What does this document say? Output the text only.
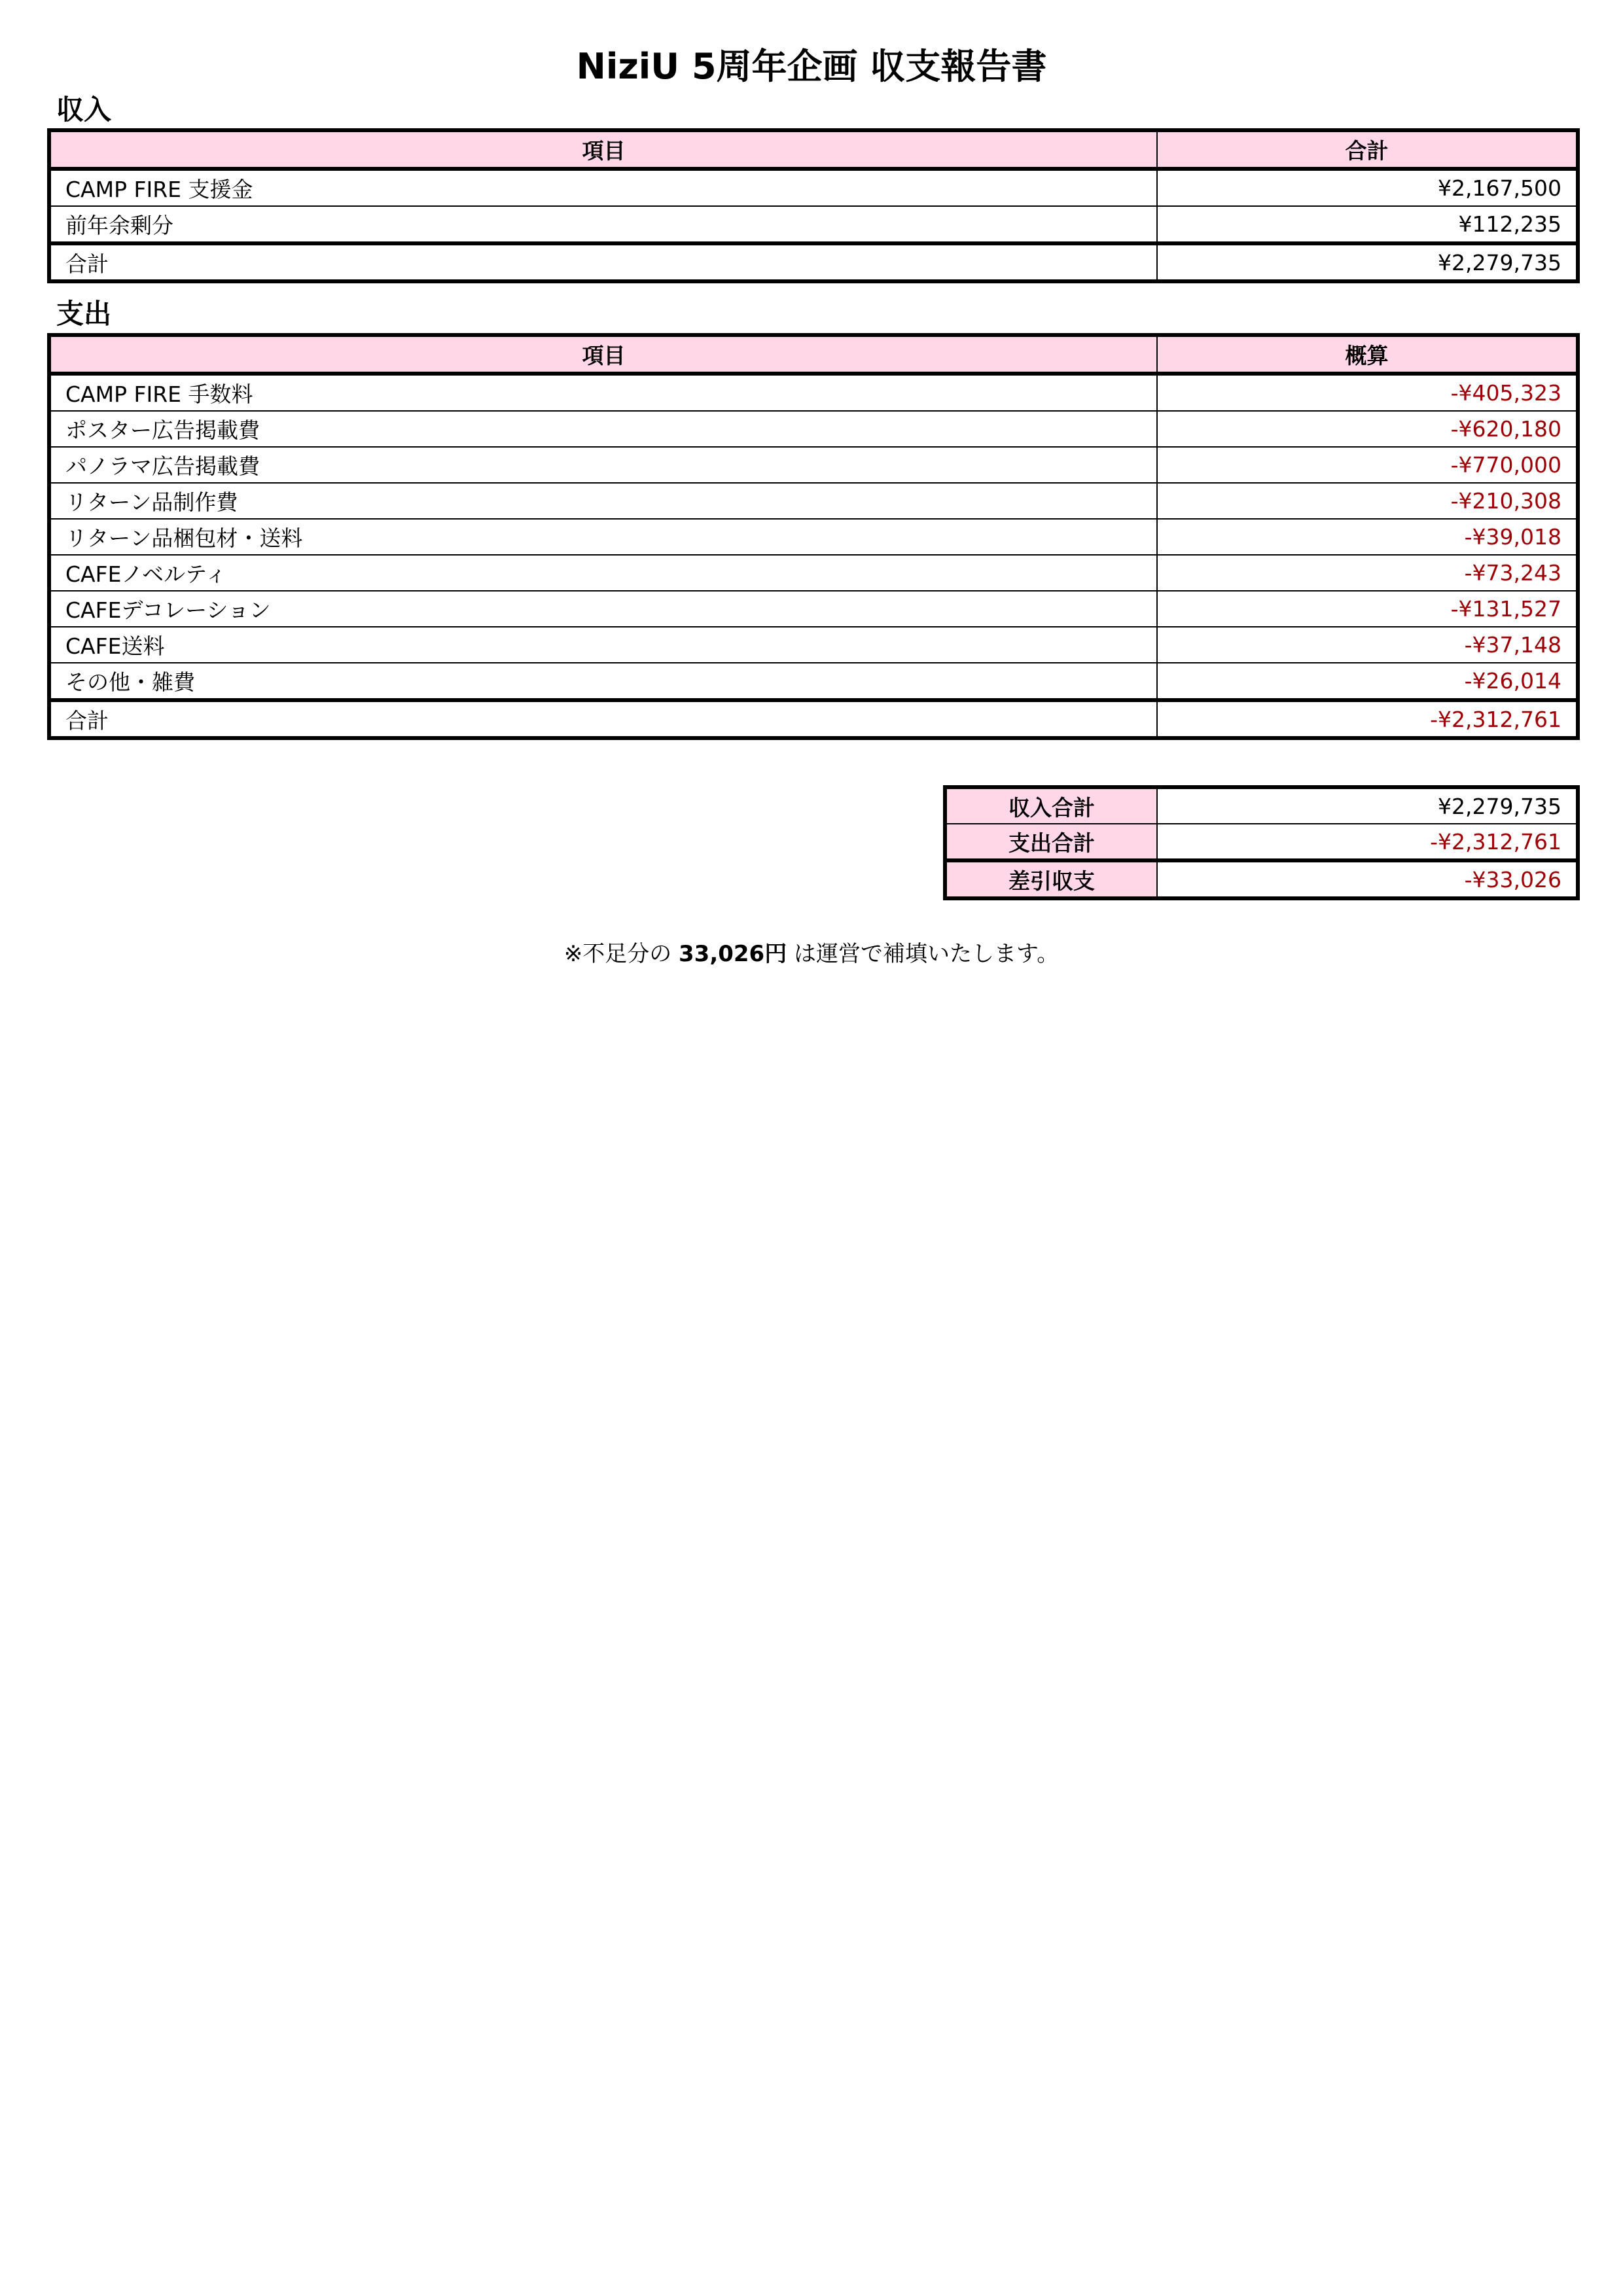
NiziU 5周年企画 収支報告書
収入
項目	合計
CAMP FIRE 支援金	¥2,167,500
前年余剰分	¥112,235
合計	¥2,279,735
支出
項目	概算
CAMP FIRE 手数料	-¥405,323
ポスター広告掲載費	-¥620,180
パノラマ広告掲載費	-¥770,000
リターン品制作費	-¥210,308
リターン品梱包材・送料	-¥39,018
CAFEノベルティ	-¥73,243
CAFEデコレーション	-¥131,527
CAFE送料	-¥37,148
その他・雑費	-¥26,014
合計	-¥2,312,761
収入合計	¥2,279,735
支出合計	-¥2,312,761
差引収支	-¥33,026
※不足分の 33,026円 は運営で補填いたします。
